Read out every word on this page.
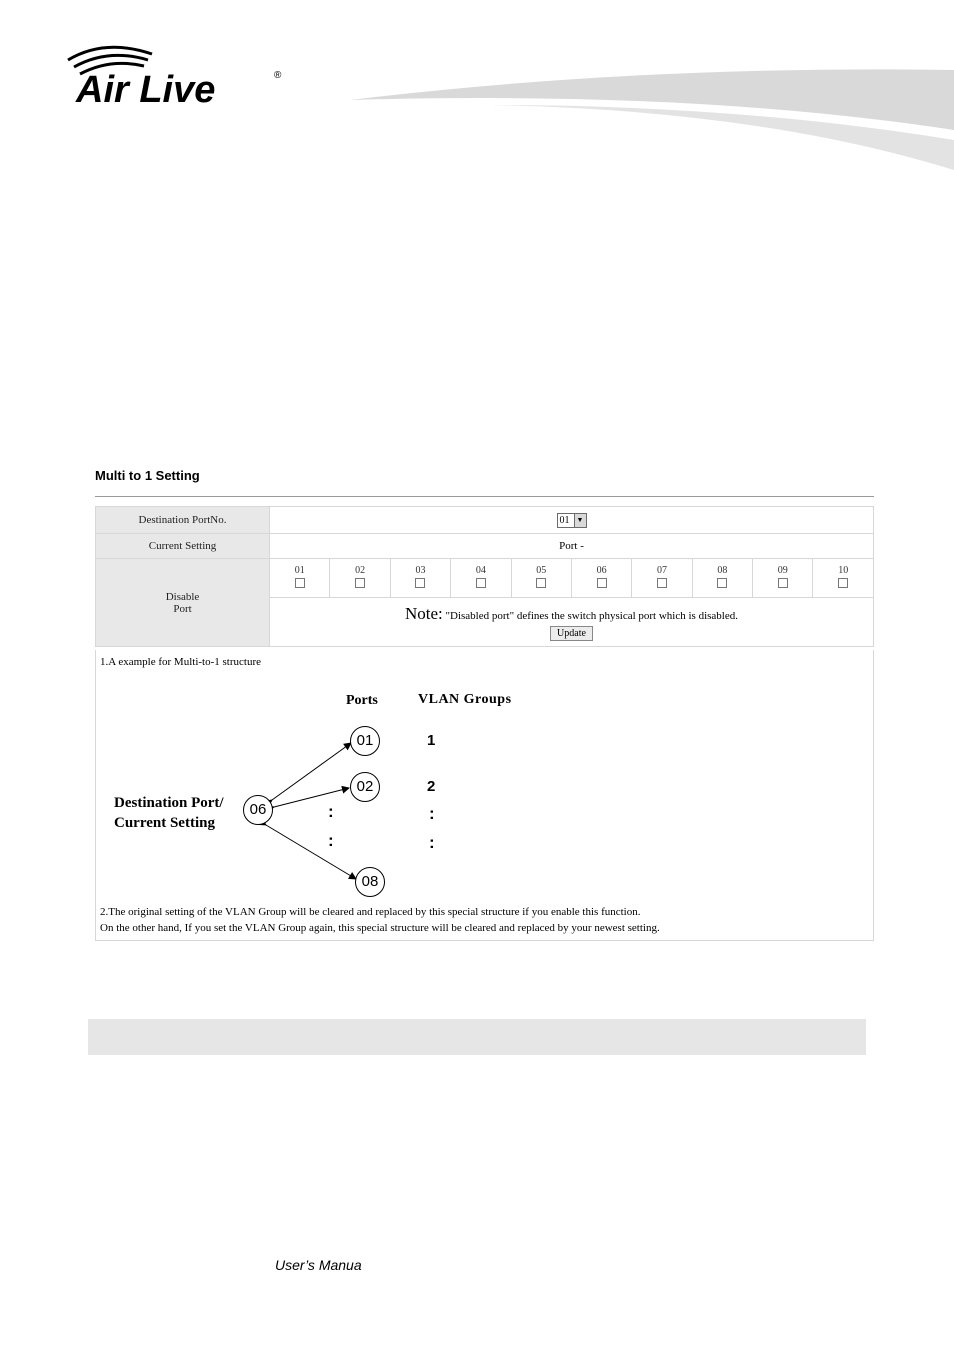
Air Live	®
Multi to 1 Setting
Destination PortNo.	01 ▼									
Current Setting	Port -									
Disable
Port	01	02	03	04	05	06	07	08	09	10

	Note: "Disabled port" defines the switch physical port which is disabled.
Update									
1.A example for Multi-to-1 structure
Ports	VLAN Groups
Destination Port/
Current Setting
06
01
02
08
:
:
1
2
:
:
2.The original setting of the VLAN Group will be cleared and replaced by this special structure if you enable this function.
On the other hand, If you set the VLAN Group again, this special structure will be cleared and replaced by your newest setting.
User’s Manua
